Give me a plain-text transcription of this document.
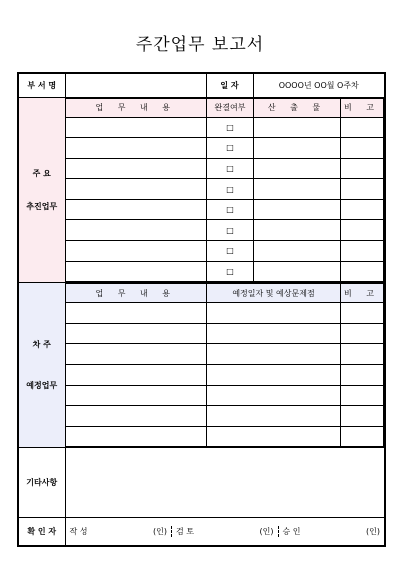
주간업무 보고서
부 서 명		일 자	OOOO년 OO월 O주차

주 요
추진업무

업 무 내 용	완결여부	산 출 물	비 고
	□		
	□		
	□		
	□		
	□		
	□		
	□		
	□		

차 주
예정업무

업 무 내 용	예정일자 및 예상문제점	비 고

기타사항	
확 인 자	작 성	(인) 검 토	(인) 승 인	(인)
